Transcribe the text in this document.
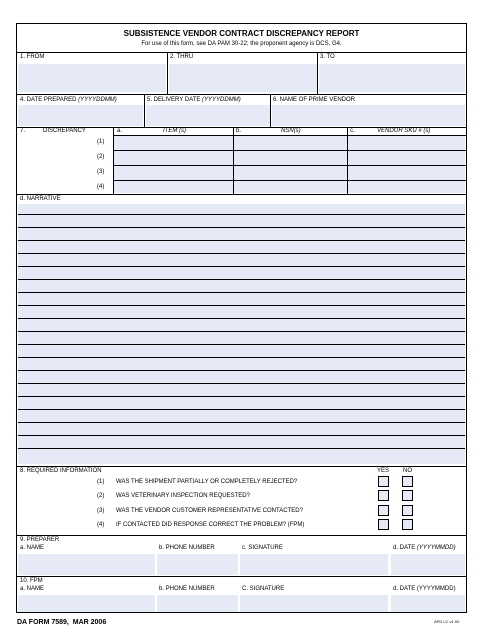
SUBSISTENCE VENDOR CONTRACT DISCREPANCY REPORT
For use of this form, see DA PAM 30-22; the proponent agency is DCS, G4.
1. FROM	2. THRU	3. TO
4. DATE PREPARED (YYYYDDMM)	5. DELIVERY DATE (YYYYDDMM)	6. NAME OF PRIME VENDOR
7.	DISCREPANCY	a.	ITEM (s)	b.	NSN(s)	c.	VENDOR SKU # (s)
(1)
(2)
(3)
(4)
d. NARRATIVE
8. REQUIRED INFORMATION	YES NO
(1) WAS THE SHIPMENT PARTIALLY OR COMPLETELY REJECTED?
(2) WAS VETERINARY INSPECTION REQUESTED?
(3) WAS THE VENDOR CUSTOMER REPRESENTATIVE CONTACTED?
(4) IF CONTACTED DID RESPONSE CORRECT THE PROBLEM? (FPM)
9. PREPARER
a. NAME	b. PHONE NUMBER	c. SIGNATURE	d. DATE (YYYYMMDD)
10. FPM
a. NAME	b. PHONE NUMBER	C. SIGNATURE	d. DATE (YYYYMMDD)
DA FORM 7589,  MAR 2006	APD LC v1.00
